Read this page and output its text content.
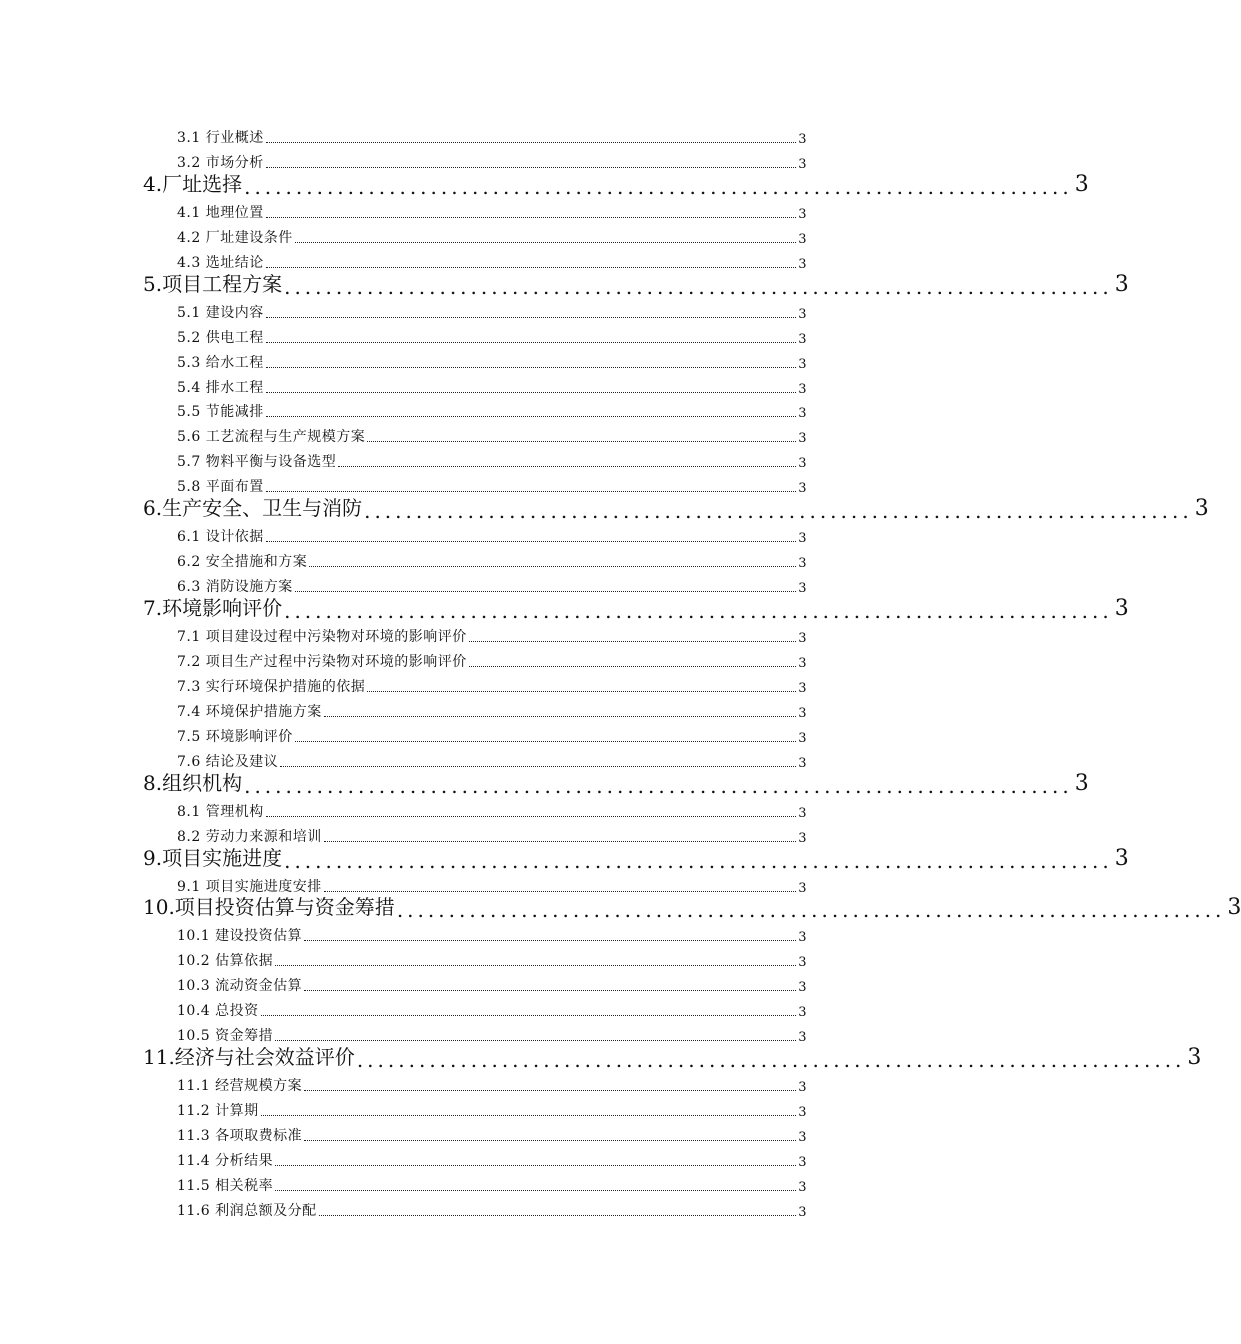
3.1 行业概述	3
3.2 市场分析	3
4.厂址选择 ................................................................................ 3
4.1 地理位置	3
4.2 厂址建设条件	3
4.3 选址结论	3
5.项目工程方案 ................................................................................ 3
5.1 建设内容	3
5.2 供电工程	3
5.3 给水工程	3
5.4 排水工程	3
5.5 节能减排	3
5.6 工艺流程与生产规模方案	3
5.7 物料平衡与设备选型	3
5.8 平面布置	3
6.生产安全、卫生与消防 ................................................................................ 3
6.1 设计依据	3
6.2 安全措施和方案	3
6.3 消防设施方案	3
7.环境影响评价 ................................................................................ 3
7.1 项目建设过程中污染物对环境的影响评价	3
7.2 项目生产过程中污染物对环境的影响评价	3
7.3 实行环境保护措施的依据	3
7.4 环境保护措施方案	3
7.5 环境影响评价	3
7.6 结论及建议	3
8.组织机构 ................................................................................ 3
8.1 管理机构	3
8.2 劳动力来源和培训	3
9.项目实施进度 ................................................................................ 3
9.1 项目实施进度安排	3
10.项目投资估算与资金筹措 ................................................................................ 3
10.1 建设投资估算	3
10.2 估算依据	3
10.3 流动资金估算	3
10.4 总投资	3
10.5 资金筹措	3
11.经济与社会效益评价 ................................................................................ 3
11.1 经营规模方案	3
11.2 计算期	3
11.3 各项取费标准	3
11.4 分析结果	3
11.5 相关税率	3
11.6 利润总额及分配	3
